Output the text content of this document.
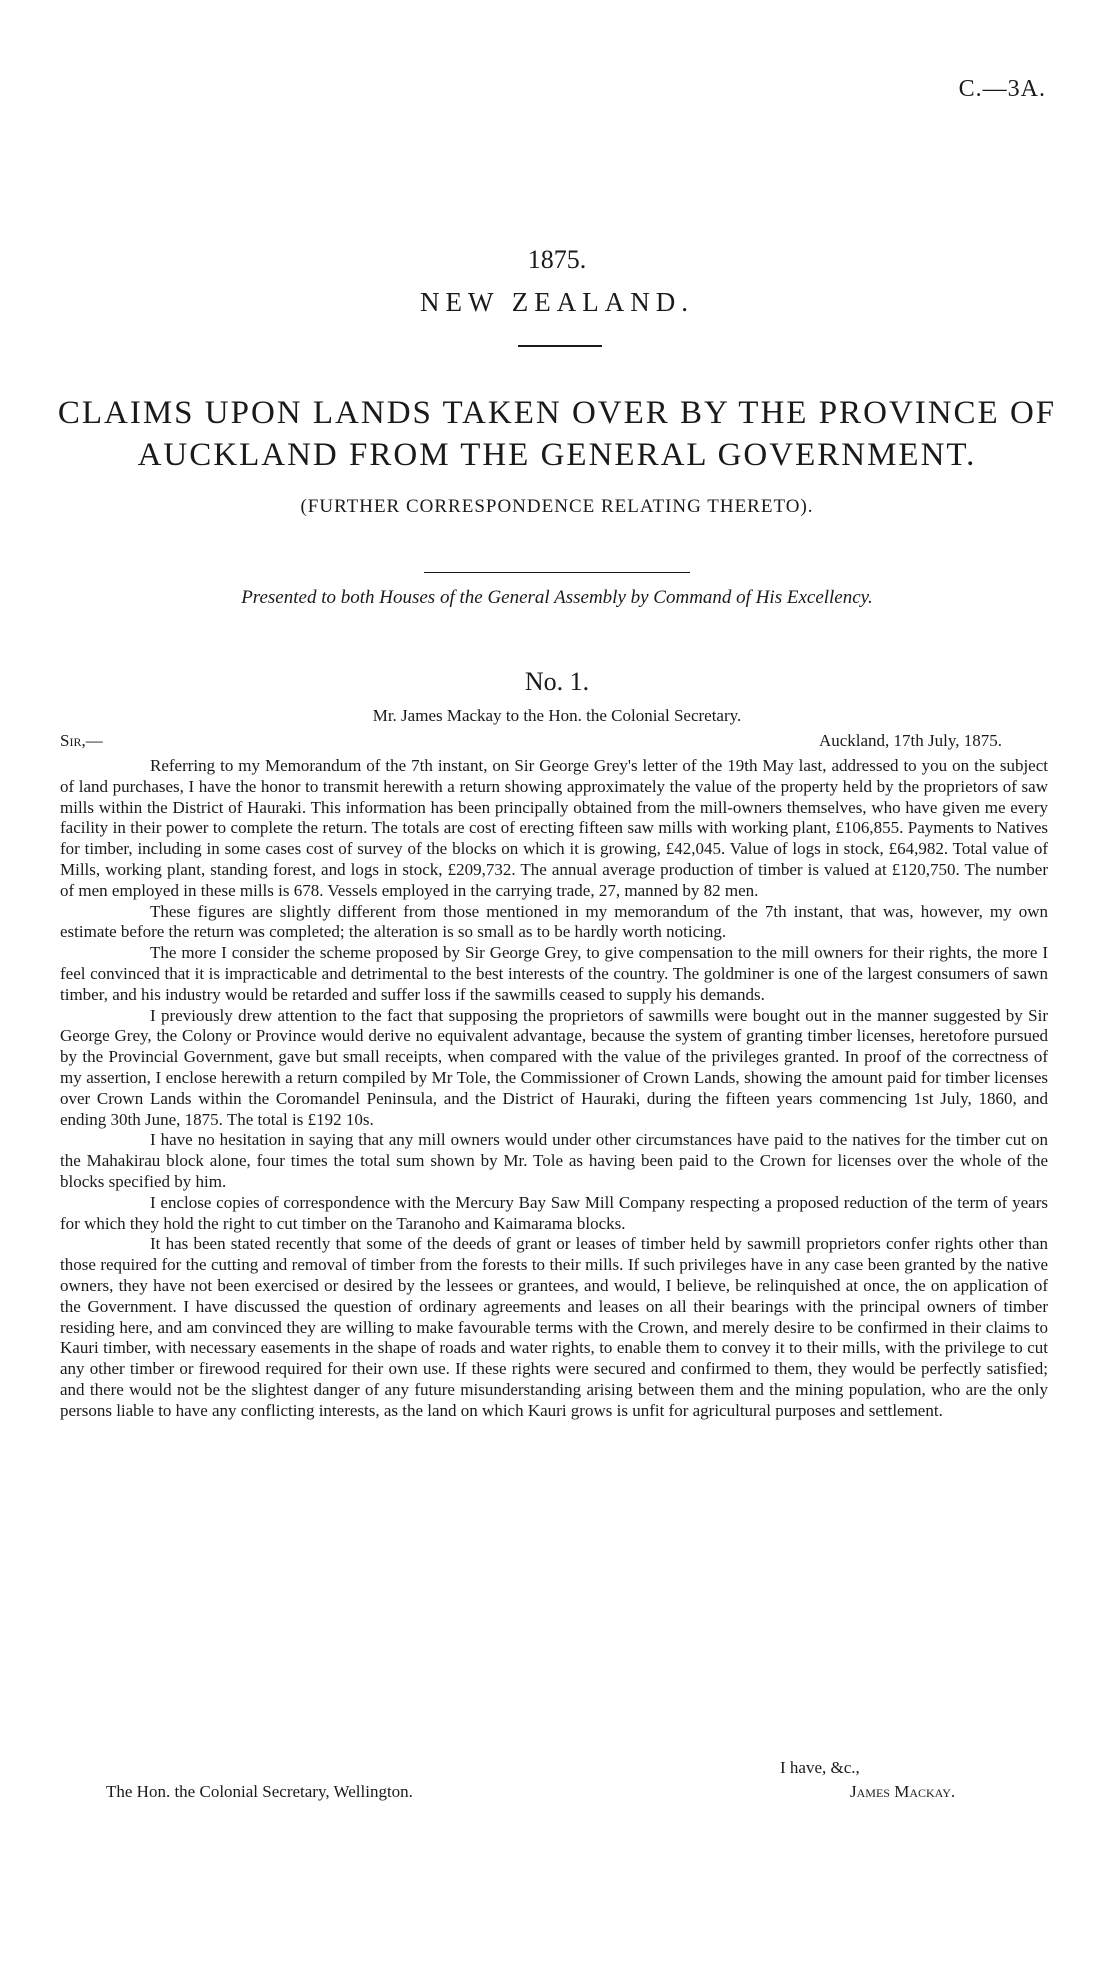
C.—3A.
1875.
NEW ZEALAND.
CLAIMS UPON LANDS TAKEN OVER BY THE PROVINCE OF
AUCKLAND FROM THE GENERAL GOVERNMENT.
(FURTHER CORRESPONDENCE RELATING THERETO).
Presented to both Houses of the General Assembly by Command of His Excellency.
No. 1.
Mr. James Mackay to the Hon. the Colonial Secretary.
Sir,—	Auckland, 17th July, 1875.

Referring to my Memorandum of the 7th instant, on Sir George Grey's letter of the 19th May last, addressed to you on the subject of land purchases, I have the honor to transmit herewith a return showing approximately the value of the property held by the proprietors of saw mills within the District of Hauraki. This information has been principally obtained from the mill-owners themselves, who have given me every facility in their power to complete the return. The totals are cost of erecting fifteen saw mills with working plant, £106,855. Payments to Natives for timber, including in some cases cost of survey of the blocks on which it is growing, £42,045. Value of logs in stock, £64,982. Total value of Mills, working plant, standing forest, and logs in stock, £209,732. The annual average production of timber is valued at £120,750. The number of men employed in these mills is 678. Vessels employed in the carrying trade, 27, manned by 82 men.

These figures are slightly different from those mentioned in my memorandum of the 7th instant, that was, however, my own estimate before the return was completed; the alteration is so small as to be hardly worth noticing.

The more I consider the scheme proposed by Sir George Grey, to give compensation to the mill owners for their rights, the more I feel convinced that it is impracticable and detrimental to the best interests of the country. The goldminer is one of the largest consumers of sawn timber, and his industry would be retarded and suffer loss if the sawmills ceased to supply his demands.

I previously drew attention to the fact that supposing the proprietors of sawmills were bought out in the manner suggested by Sir George Grey, the Colony or Province would derive no equivalent advantage, because the system of granting timber licenses, heretofore pursued by the Provincial Government, gave but small receipts, when compared with the value of the privileges granted. In proof of the correctness of my assertion, I enclose herewith a return compiled by Mr Tole, the Commissioner of Crown Lands, showing the amount paid for timber licenses over Crown Lands within the Coromandel Peninsula, and the District of Hauraki, during the fifteen years commencing 1st July, 1860, and ending 30th June, 1875. The total is £192 10s.

I have no hesitation in saying that any mill owners would under other circumstances have paid to the natives for the timber cut on the Mahakirau block alone, four times the total sum shown by Mr. Tole as having been paid to the Crown for licenses over the whole of the blocks specified by him.

I enclose copies of correspondence with the Mercury Bay Saw Mill Company respecting a proposed reduction of the term of years for which they hold the right to cut timber on the Taranoho and Kaimarama blocks.

It has been stated recently that some of the deeds of grant or leases of timber held by sawmill proprietors confer rights other than those required for the cutting and removal of timber from the forests to their mills. If such privileges have in any case been granted by the native owners, they have not been exercised or desired by the lessees or grantees, and would, I believe, be relinquished at once, the on application of the Government. I have discussed the question of ordinary agreements and leases on all their bearings with the principal owners of timber residing here, and am convinced they are willing to make favourable terms with the Crown, and merely desire to be confirmed in their claims to Kauri timber, with necessary easements in the shape of roads and water rights, to enable them to convey it to their mills, with the privilege to cut any other timber or firewood required for their own use. If these rights were secured and confirmed to them, they would be perfectly satisfied; and there would not be the slightest danger of any future misunderstanding arising between them and the mining population, who are the only persons liable to have any conflicting interests, as the land on which Kauri grows is unfit for agricultural purposes and settlement.

I have, &c.,
The Hon. the Colonial Secretary, Wellington.	James Mackay.
